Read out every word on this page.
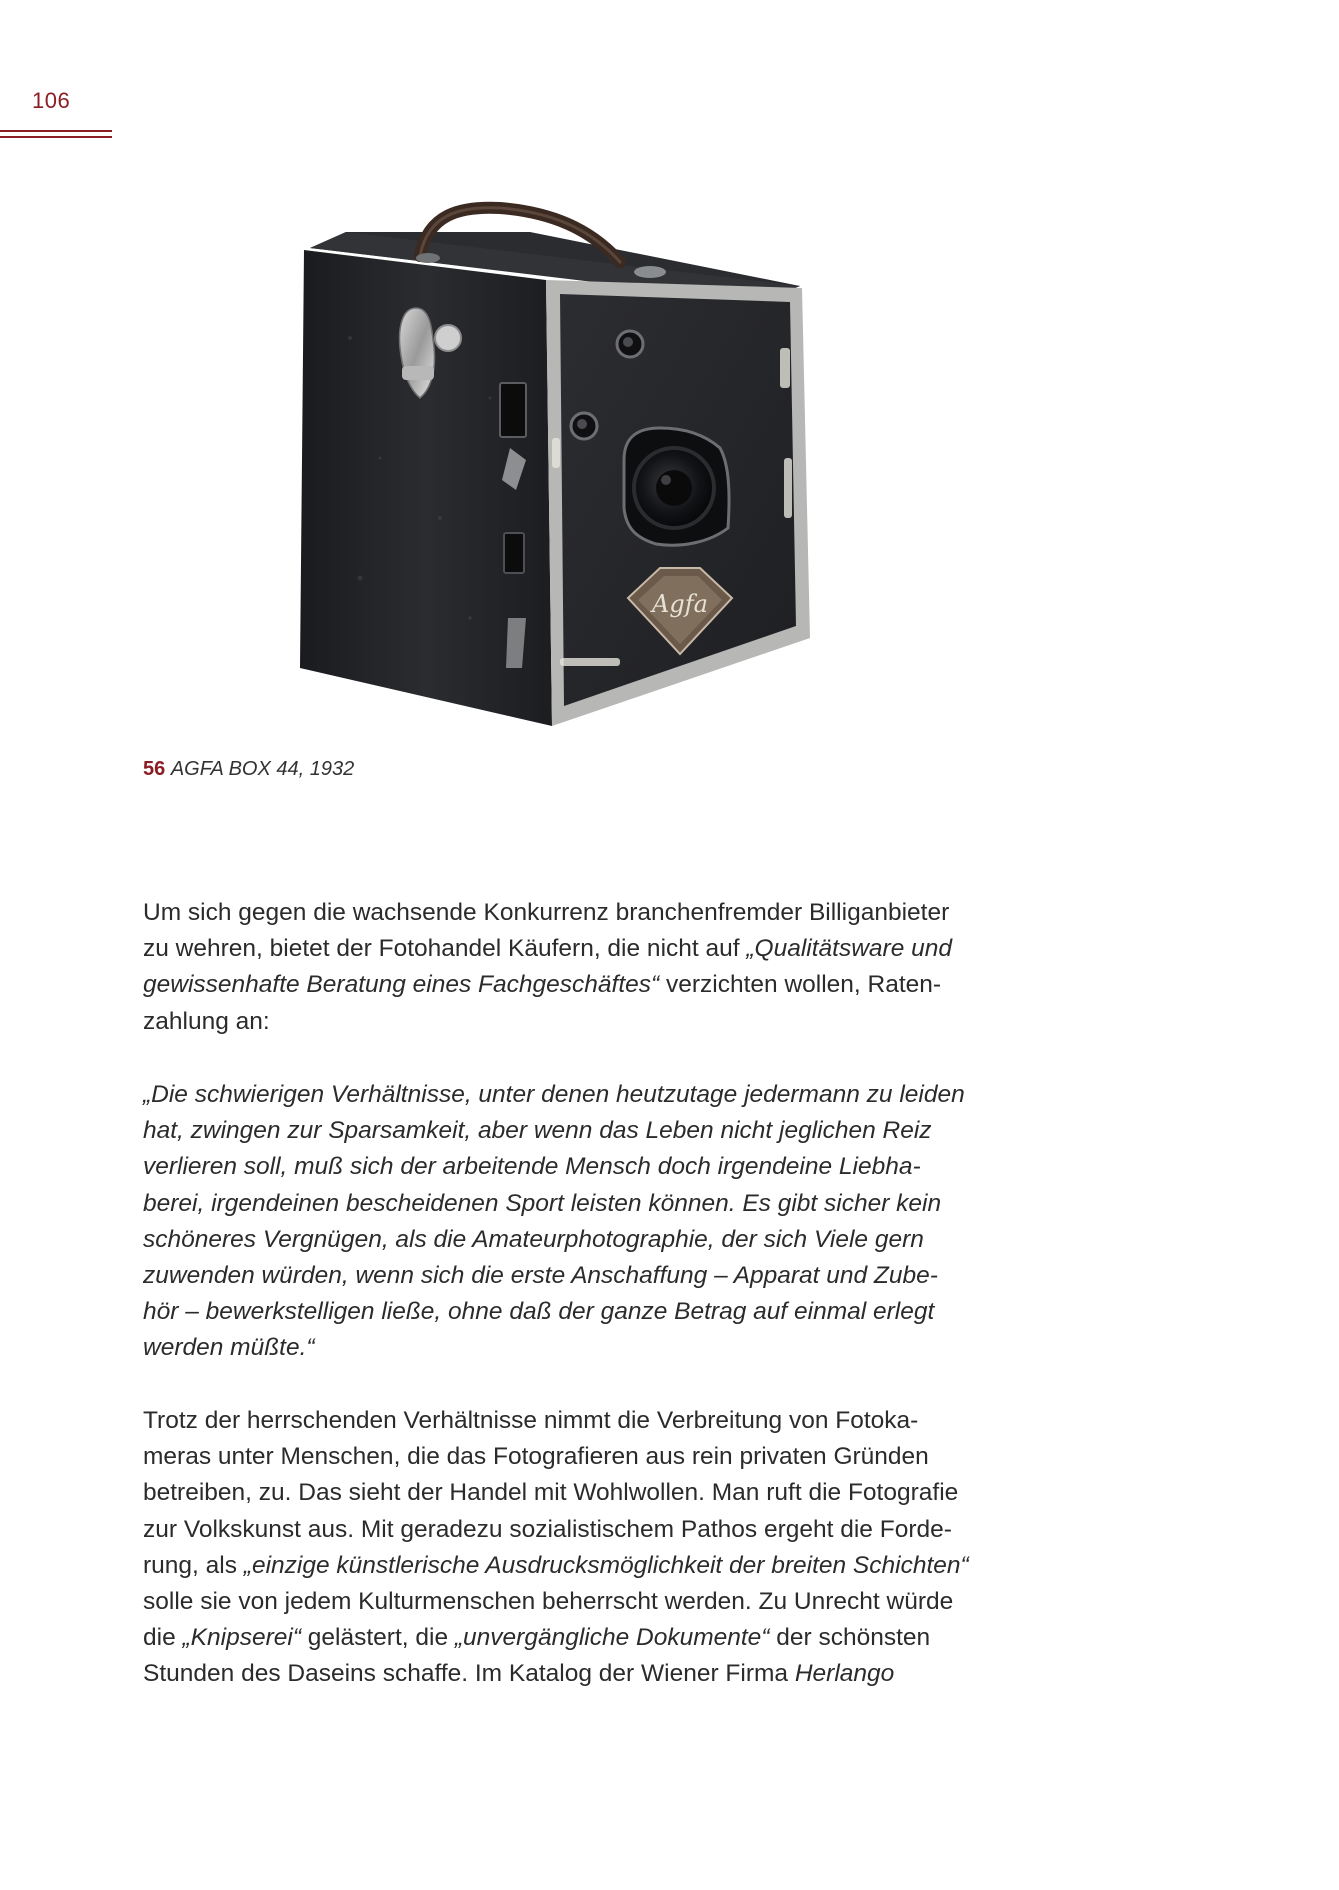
106
Agfa
56 AGFA BOX 44, 1932
Um sich gegen die wachsende Konkurrenz branchenfremder Billiganbieter
zu wehren, bietet der Fotohandel Käufern, die nicht auf „Qualitätsware und
gewissenhafte Beratung eines Fachgeschäftes“ verzichten wollen, Raten-
zahlung an:
„Die schwierigen Verhältnisse, unter denen heutzutage jedermann zu leiden
hat, zwingen zur Sparsamkeit, aber wenn das Leben nicht jeglichen Reiz
verlieren soll, muß sich der arbeitende Mensch doch irgendeine Liebha-
berei, irgendeinen bescheidenen Sport leisten können. Es gibt sicher kein
schöneres Vergnügen, als die Amateurphotographie, der sich Viele gern
zuwenden würden, wenn sich die erste Anschaffung – Apparat und Zube-
hör – bewerkstelligen ließe, ohne daß der ganze Betrag auf einmal erlegt
werden müßte.“
Trotz der herrschenden Verhältnisse nimmt die Verbreitung von Fotoka-
meras unter Menschen, die das Fotografieren aus rein privaten Gründen
betreiben, zu. Das sieht der Handel mit Wohlwollen. Man ruft die Fotografie
zur Volkskunst aus. Mit geradezu sozialistischem Pathos ergeht die Forde-
rung, als „einzige künstlerische Ausdrucksmöglichkeit der breiten Schichten“
solle sie von jedem Kulturmenschen beherrscht werden. Zu Unrecht würde
die „Knipserei“ gelästert, die „unvergängliche Dokumente“ der schönsten
Stunden des Daseins schaffe. Im Katalog der Wiener Firma Herlango
